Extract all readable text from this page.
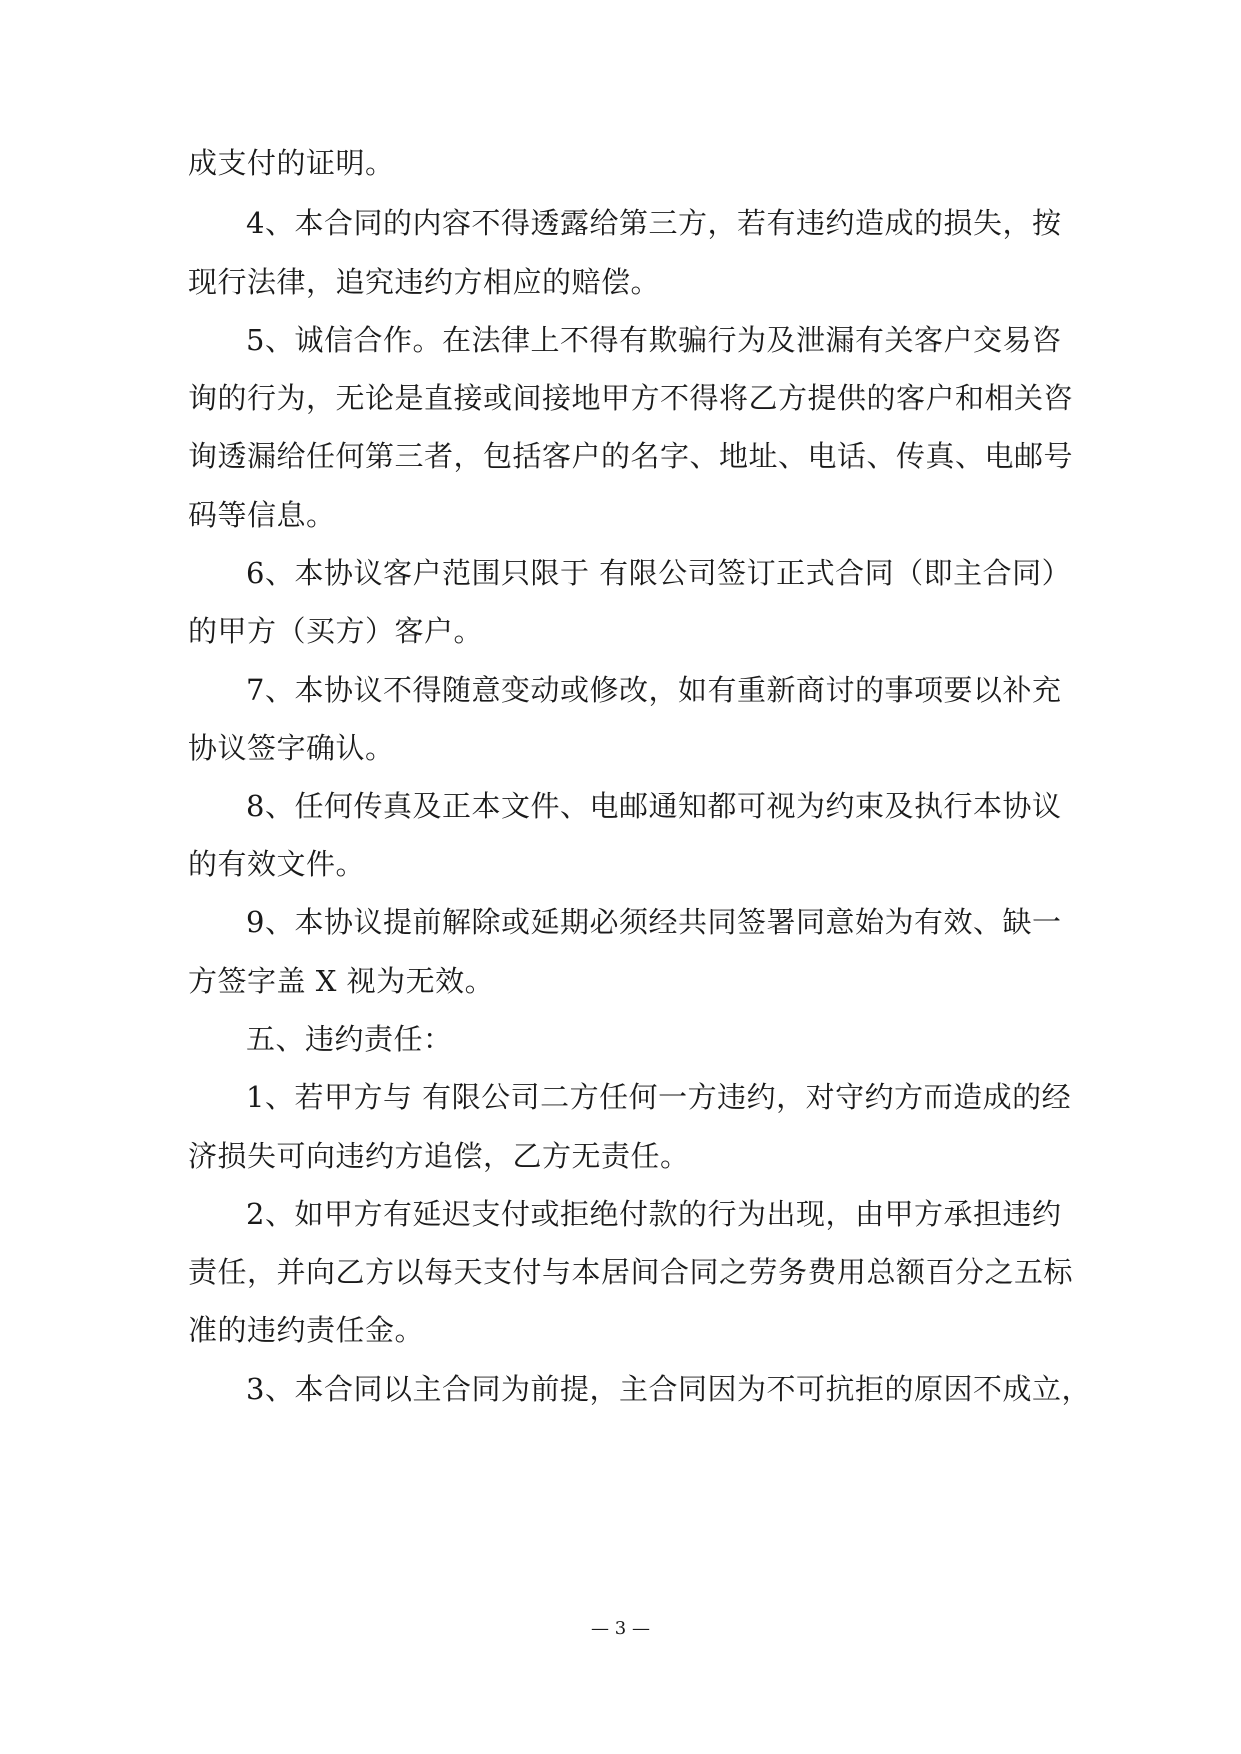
成支付的证明。
4、本合同的内容不得透露给第三方，若有违约造成的损失，按
现行法律，追究违约方相应的赔偿。
5、诚信合作。在法律上不得有欺骗行为及泄漏有关客户交易咨
询的行为，无论是直接或间接地甲方不得将乙方提供的客户和相关咨
询透漏给任何第三者，包括客户的名字、地址、电话、传真、电邮号
码等信息。
6、本协议客户范围只限于 有限公司签订正式合同（即主合同）
的甲方（买方）客户。
7、本协议不得随意变动或修改，如有重新商讨的事项要以补充
协议签字确认。
8、任何传真及正本文件、电邮通知都可视为约束及执行本协议
的有效文件。
9、本协议提前解除或延期必须经共同签署同意始为有效、缺一
方签字盖 X 视为无效。
五、违约责任：
1、若甲方与 有限公司二方任何一方违约，对守约方而造成的经
济损失可向违约方追偿，乙方无责任。
2、如甲方有延迟支付或拒绝付款的行为出现，由甲方承担违约
责任，并向乙方以每天支付与本居间合同之劳务费用总额百分之五标
准的违约责任金。
3、本合同以主合同为前提，主合同因为不可抗拒的原因不成立，
— 3 —
